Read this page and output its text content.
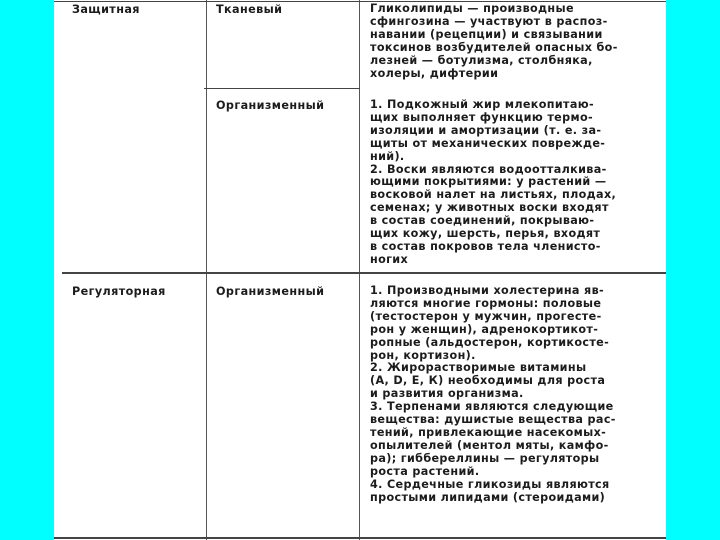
Защитная	Тканевый	Гликолипиды — производные
сфингозина — участвуют в распоз-
навании (рецепции) и связывании
токсинов возбудителей опасных бо-
лезней — ботулизма, столбняка,
холеры, дифтерии
Организменный	1. Подкожный жир млекопитаю-
щих выполняет функцию термо-
изоляции и амортизации (т. е. за-
щиты от механических поврежде-
ний).
2. Воски являются водоотталкива-
ющими покрытиями: у растений —
восковой налет на листьях, плодах,
семенах; у животных воски входят
в состав соединений, покрываю-
щих кожу, шерсть, перья, входят
в состав покровов тела членисто-
ногих
Регуляторная	Организменный	1. Производными холестерина яв-
ляются многие гормоны: половые
(тестостерон у мужчин, прогесте-
рон у женщин), адренокортикот-
ропные (альдостерон, кортикосте-
рон, кортизон).
2. Жирорастворимые витамины
(А, D, Е, К) необходимы для роста
и развития организма.
3. Терпенами являются следующие
вещества: душистые вещества рас-
тений, привлекающие насекомых-
опылителей (ментол мяты, камфо-
ра); гиббереллины — регуляторы
роста растений.
4. Сердечные гликозиды являются
простыми липидами (стероидами)
